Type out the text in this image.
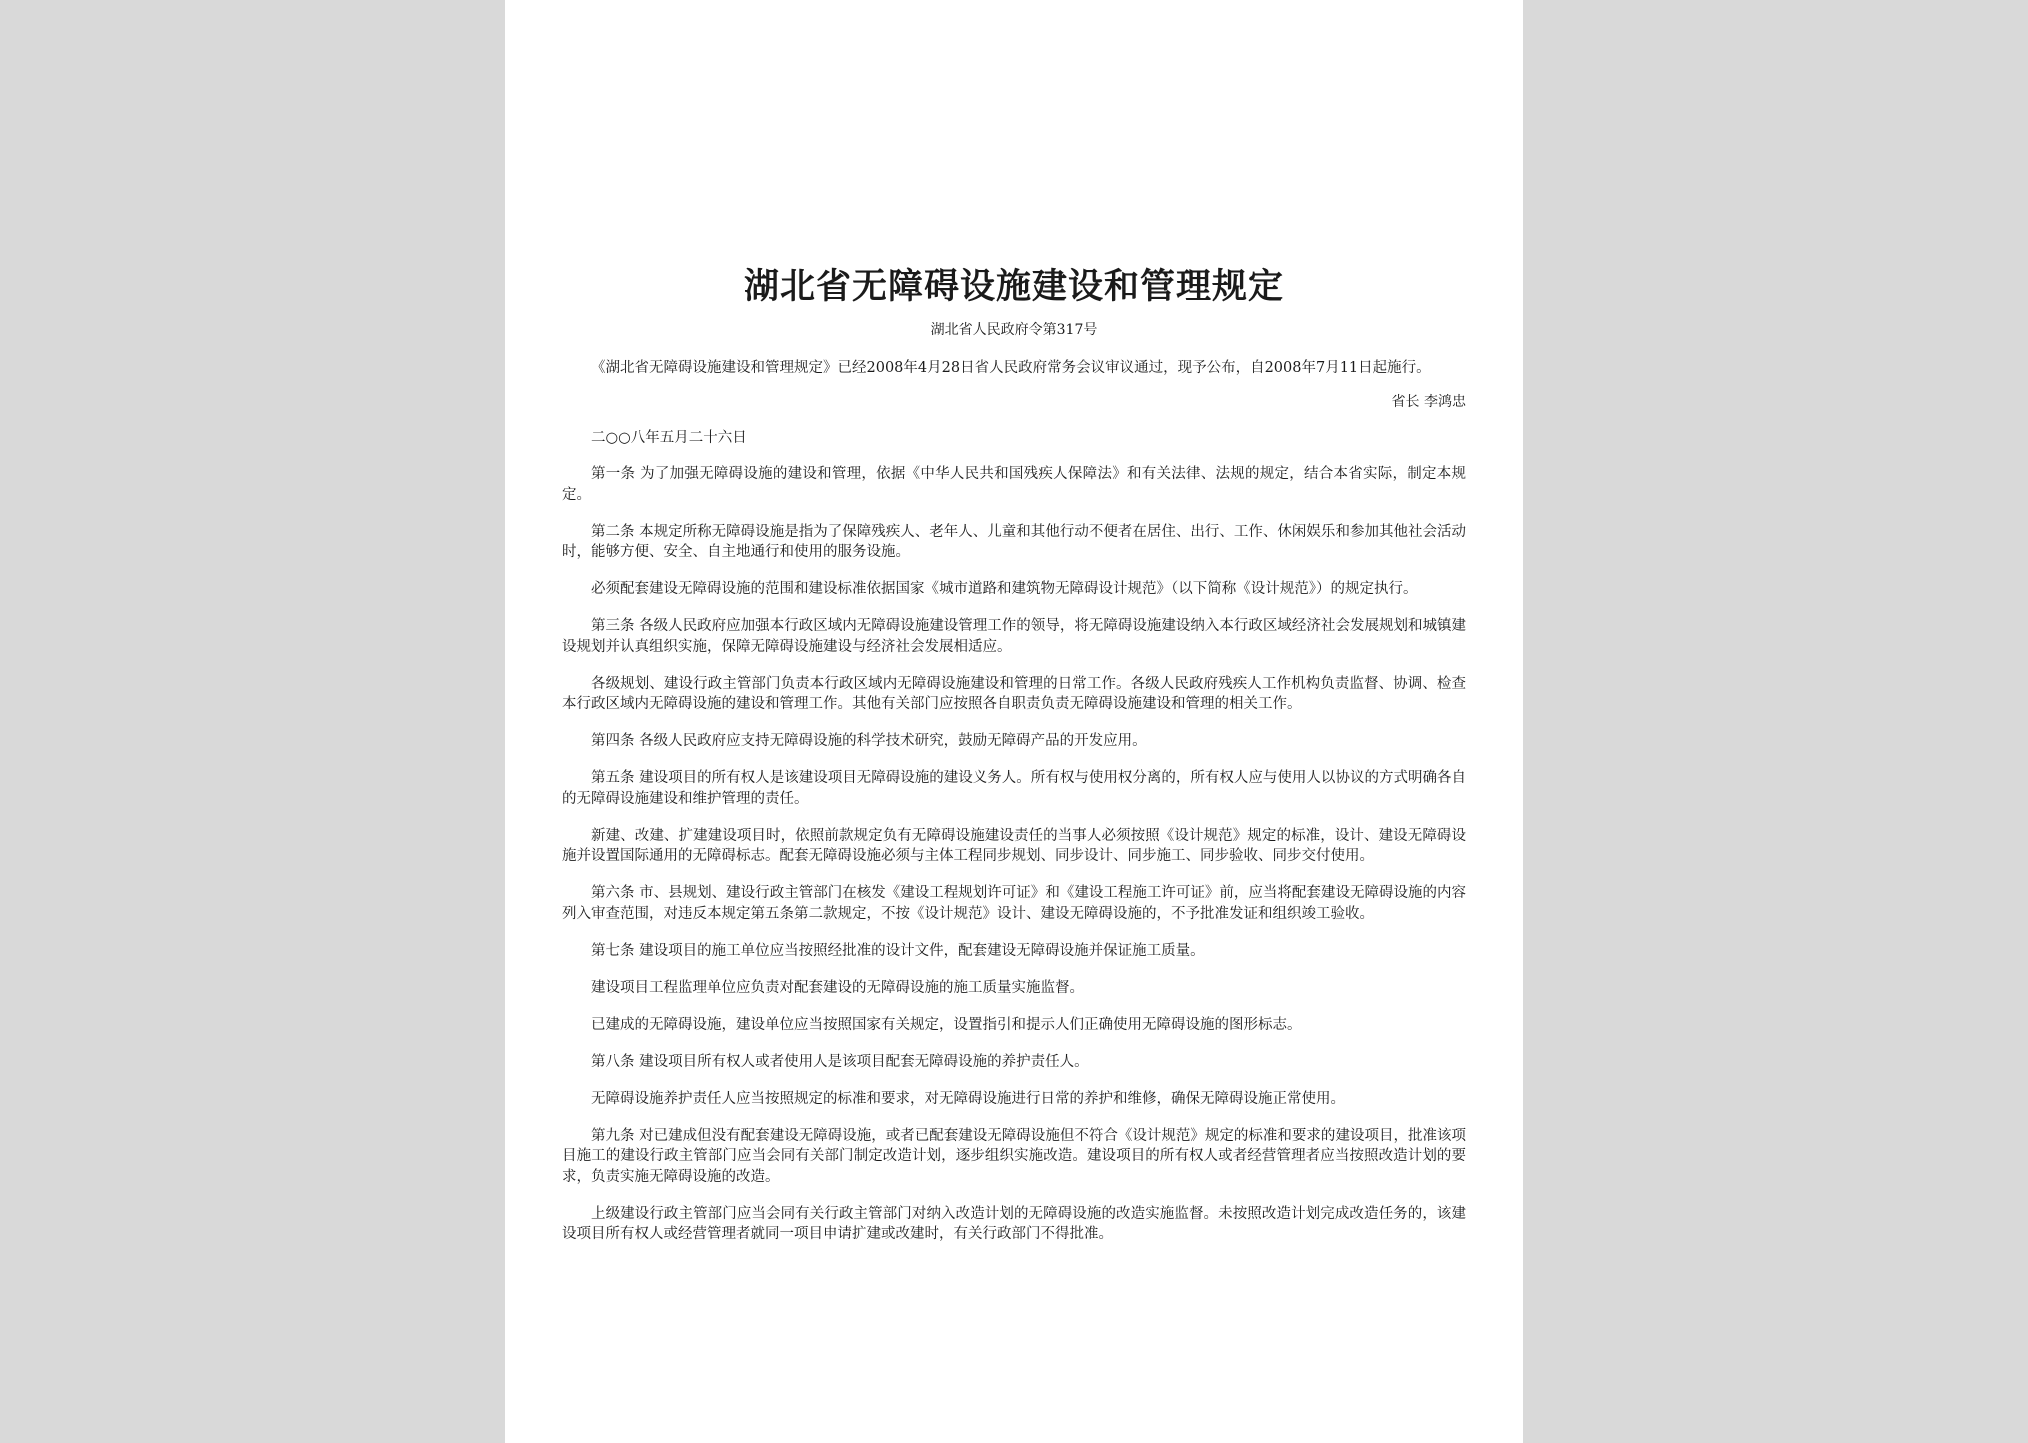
湖北省无障碍设施建设和管理规定
湖北省人民政府令第317号
《湖北省无障碍设施建设和管理规定》已经2008年4月28日省人民政府常务会议审议通过，现予公布，自2008年7月11日起施行。
省长 李鸿忠
二○○八年五月二十六日

第一条 为了加强无障碍设施的建设和管理，依据《中华人民共和国残疾人保障法》和有关法律、法规的规定，结合本省实际，制定本规定。

第二条 本规定所称无障碍设施是指为了保障残疾人、老年人、儿童和其他行动不便者在居住、出行、工作、休闲娱乐和参加其他社会活动时，能够方便、安全、自主地通行和使用的服务设施。

必须配套建设无障碍设施的范围和建设标准依据国家《城市道路和建筑物无障碍设计规范》（以下简称《设计规范》）的规定执行。

第三条 各级人民政府应加强本行政区域内无障碍设施建设管理工作的领导，将无障碍设施建设纳入本行政区域经济社会发展规划和城镇建设规划并认真组织实施，保障无障碍设施建设与经济社会发展相适应。

各级规划、建设行政主管部门负责本行政区域内无障碍设施建设和管理的日常工作。各级人民政府残疾人工作机构负责监督、协调、检查本行政区域内无障碍设施的建设和管理工作。其他有关部门应按照各自职责负责无障碍设施建设和管理的相关工作。

第四条 各级人民政府应支持无障碍设施的科学技术研究，鼓励无障碍产品的开发应用。

第五条 建设项目的所有权人是该建设项目无障碍设施的建设义务人。所有权与使用权分离的，所有权人应与使用人以协议的方式明确各自的无障碍设施建设和维护管理的责任。

新建、改建、扩建建设项目时，依照前款规定负有无障碍设施建设责任的当事人必须按照《设计规范》规定的标准，设计、建设无障碍设施并设置国际通用的无障碍标志。配套无障碍设施必须与主体工程同步规划、同步设计、同步施工、同步验收、同步交付使用。

第六条 市、县规划、建设行政主管部门在核发《建设工程规划许可证》和《建设工程施工许可证》前，应当将配套建设无障碍设施的内容列入审查范围，对违反本规定第五条第二款规定，不按《设计规范》设计、建设无障碍设施的，不予批准发证和组织竣工验收。

第七条 建设项目的施工单位应当按照经批准的设计文件，配套建设无障碍设施并保证施工质量。

建设项目工程监理单位应负责对配套建设的无障碍设施的施工质量实施监督。

已建成的无障碍设施，建设单位应当按照国家有关规定，设置指引和提示人们正确使用无障碍设施的图形标志。

第八条 建设项目所有权人或者使用人是该项目配套无障碍设施的养护责任人。

无障碍设施养护责任人应当按照规定的标准和要求，对无障碍设施进行日常的养护和维修，确保无障碍设施正常使用。

第九条 对已建成但没有配套建设无障碍设施，或者已配套建设无障碍设施但不符合《设计规范》规定的标准和要求的建设项目，批准该项目施工的建设行政主管部门应当会同有关部门制定改造计划，逐步组织实施改造。建设项目的所有权人或者经营管理者应当按照改造计划的要求，负责实施无障碍设施的改造。

上级建设行政主管部门应当会同有关行政主管部门对纳入改造计划的无障碍设施的改造实施监督。未按照改造计划完成改造任务的，该建设项目所有权人或经营管理者就同一项目申请扩建或改建时，有关行政部门不得批准。
